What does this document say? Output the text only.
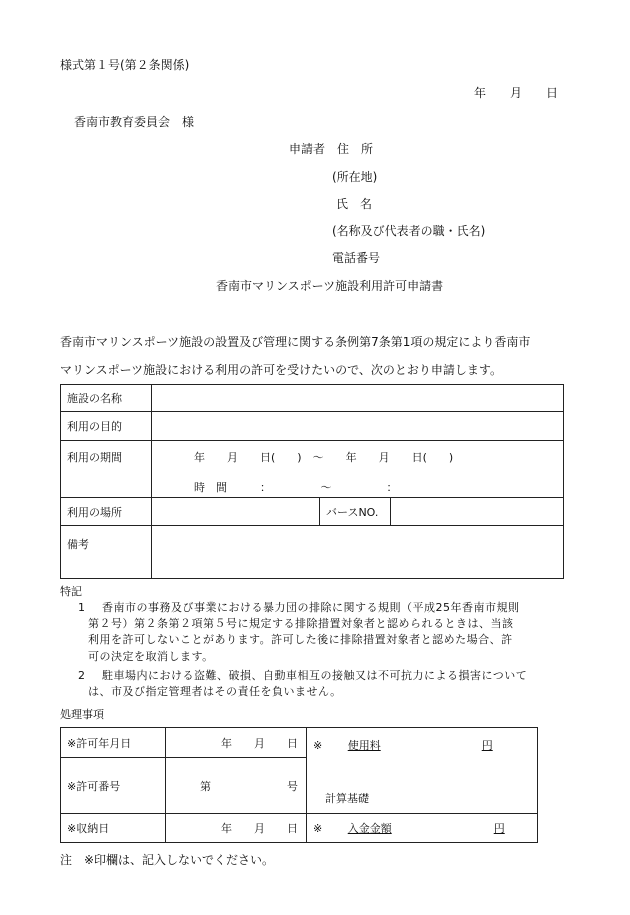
様式第１号(第２条関係)
年　　月　　日
香南市教育委員会　様
申請者　住　所
(所在地)
氏　名
(名称及び代表者の職・氏名)
電話番号
香南市マリンスポーツ施設利用許可申請書
香南市マリンスポーツ施設の設置及び管理に関する条例第7条第1項の規定により香南市
マリンスポーツ施設における利用の許可を受けたいので、次のとおり申請します。
施設の名称		
利用の目的		
利用の期間	年　　月　　日(　　)　～　　年　　月　　日(　　)
時　間　　　：　　　　　～　　　　　：	

利用の場所		バースNO.

備考		
特記
1 香南市の事務及び事業における暴力団の排除に関する規則（平成25年香南市規則
第２号）第２条第２項第５号に規定する排除措置対象者と認められるときは、当該
利用を許可しないことがあります。許可した後に排除措置対象者と認めた場合、許
可の決定を取消します。
2 駐車場内における盗難、破損、自動車相互の接触又は不可抗力による損害について
は、市及び指定管理者はその責任を負いません。
処理事項
※許可年月日	年　　月　　日	※ 使用料 円
計算基礎

※許可番号	第 号	

※収納日	年　　月　　日	※ 入金金額 円
注　※印欄は、記入しないでください。
